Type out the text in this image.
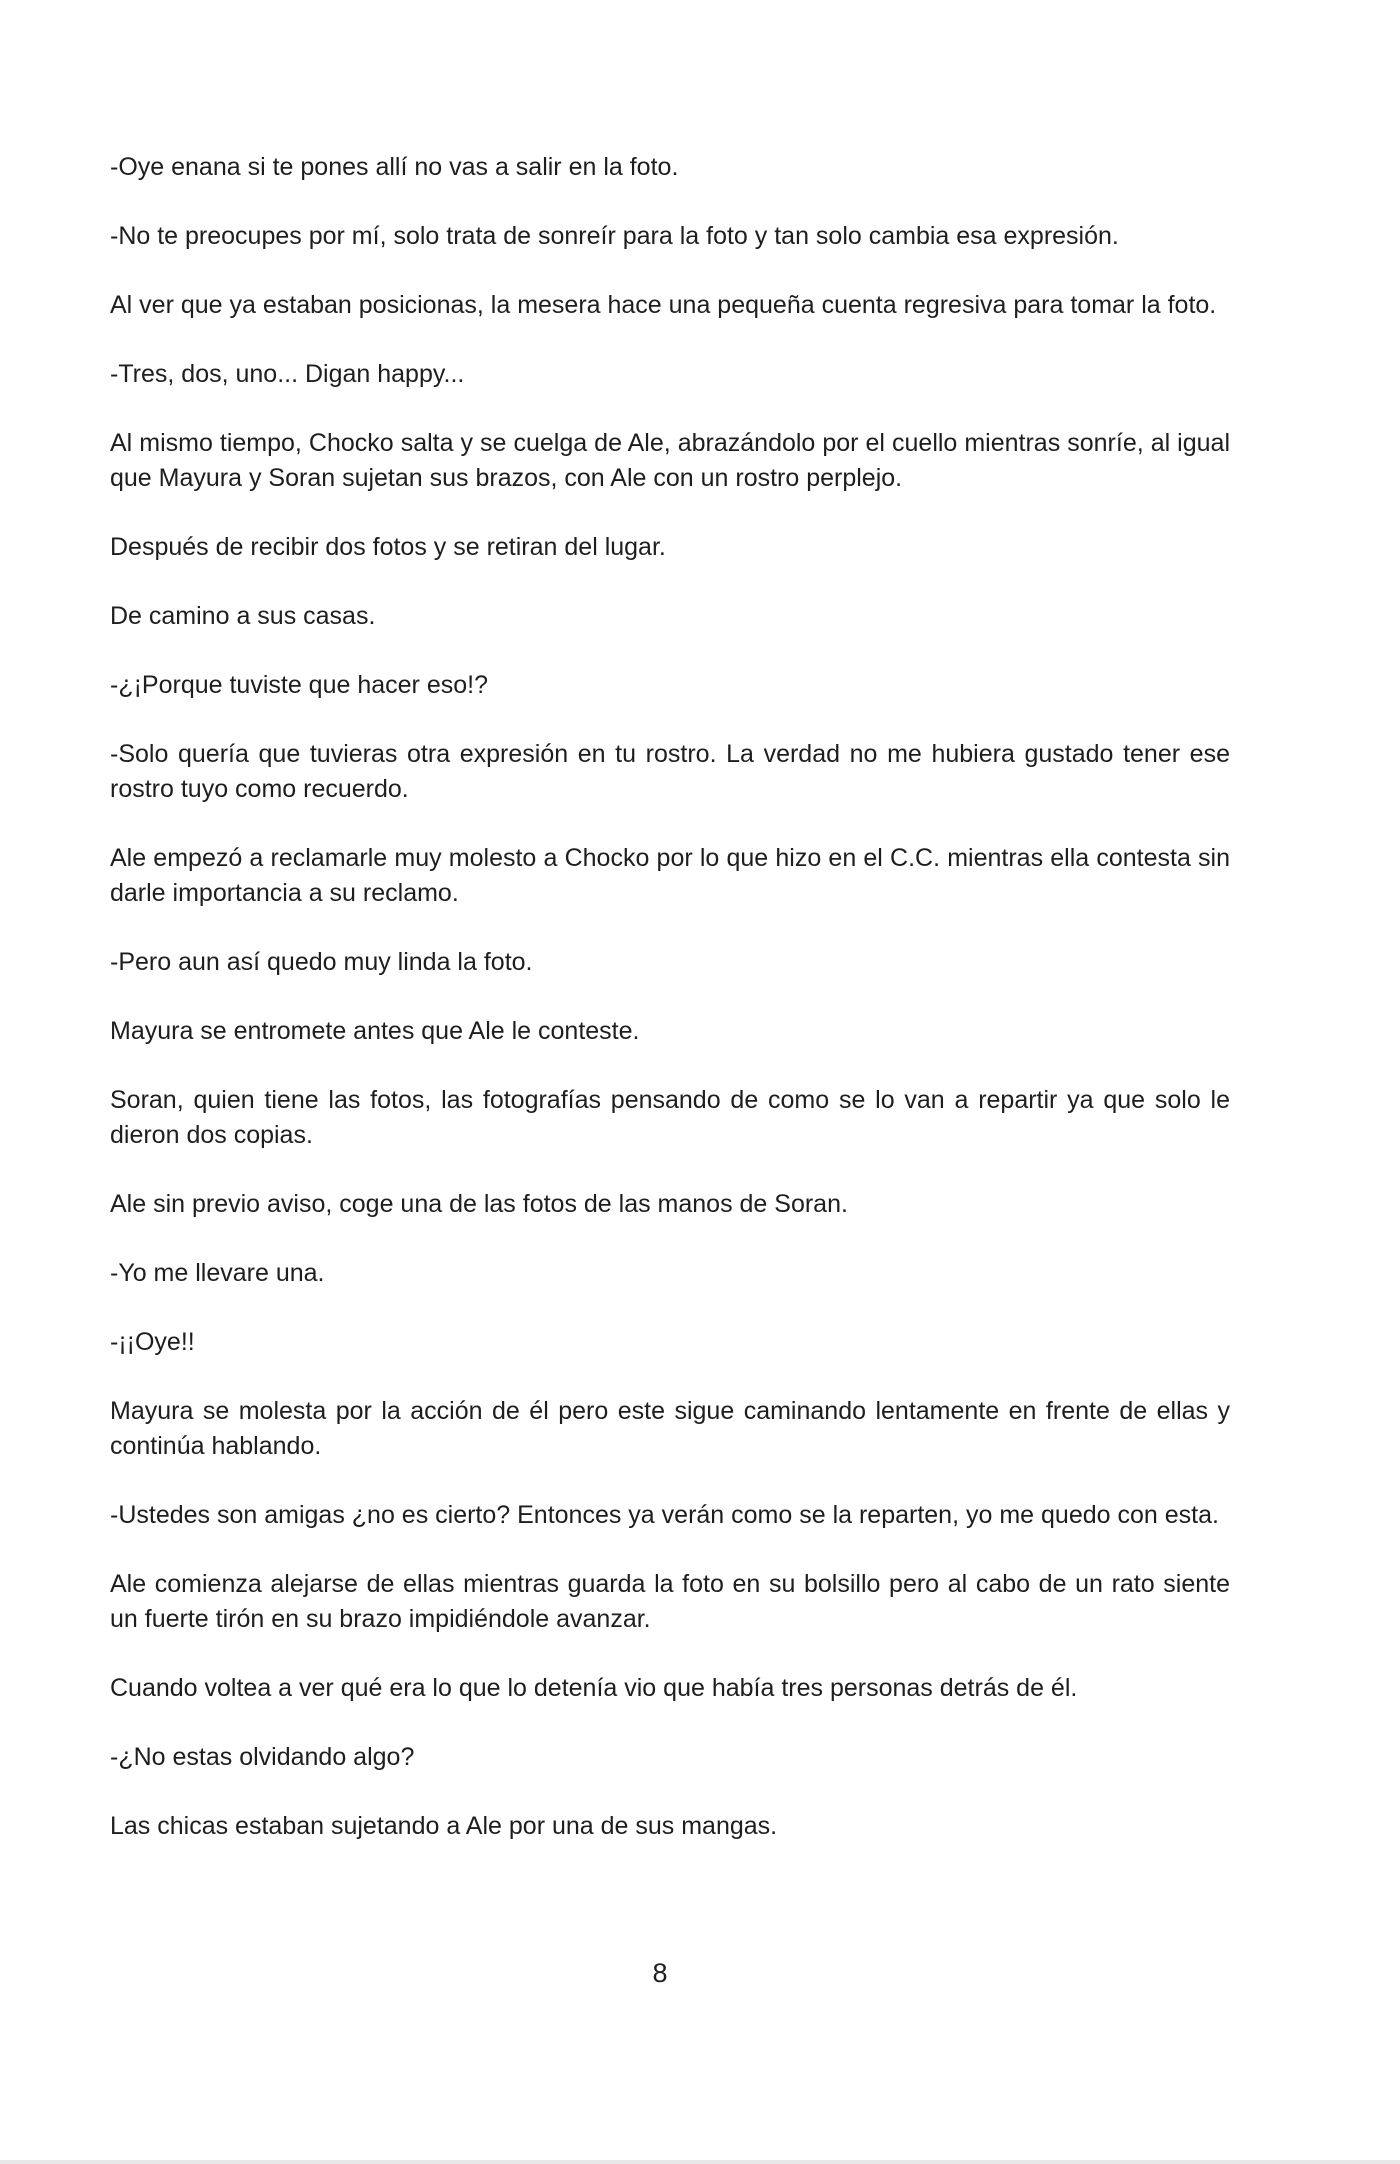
-Oye enana si te pones allí no vas a salir en la foto.

-No te preocupes por mí, solo trata de sonreír para la foto y tan solo cambia esa expresión.

Al ver que ya estaban posicionas, la mesera hace una pequeña cuenta regresiva para tomar la foto.

-Tres, dos, uno... Digan happy...

Al mismo tiempo, Chocko salta y se cuelga de Ale, abrazándolo por el cuello mientras sonríe, al igual que Mayura y Soran sujetan sus brazos, con Ale con un rostro perplejo.

Después de recibir dos fotos y se retiran del lugar.

De camino a sus casas.

-¿¡Porque tuviste que hacer eso!?

-Solo quería que tuvieras otra expresión en tu rostro. La verdad no me hubiera gustado tener ese rostro tuyo como recuerdo.

Ale empezó a reclamarle muy molesto a Chocko por lo que hizo en el C.C. mientras ella contesta sin darle importancia a su reclamo.

-Pero aun así quedo muy linda la foto.

Mayura se entromete antes que Ale le conteste.

Soran, quien tiene las fotos, las fotografías pensando de como se lo van a repartir ya que solo le dieron dos copias.

Ale sin previo aviso, coge una de las fotos de las manos de Soran.

-Yo me llevare una.

-¡¡Oye!!

Mayura se molesta por la acción de él pero este sigue caminando lentamente en frente de ellas y continúa hablando.

-Ustedes son amigas ¿no es cierto? Entonces ya verán como se la reparten, yo me quedo con esta.

Ale comienza alejarse de ellas mientras guarda la foto en su bolsillo pero al cabo de un rato siente un fuerte tirón en su brazo impidiéndole avanzar.

Cuando voltea a ver qué era lo que lo detenía vio que había tres personas detrás de él.

-¿No estas olvidando algo?

Las chicas estaban sujetando a Ale por una de sus mangas.

8
